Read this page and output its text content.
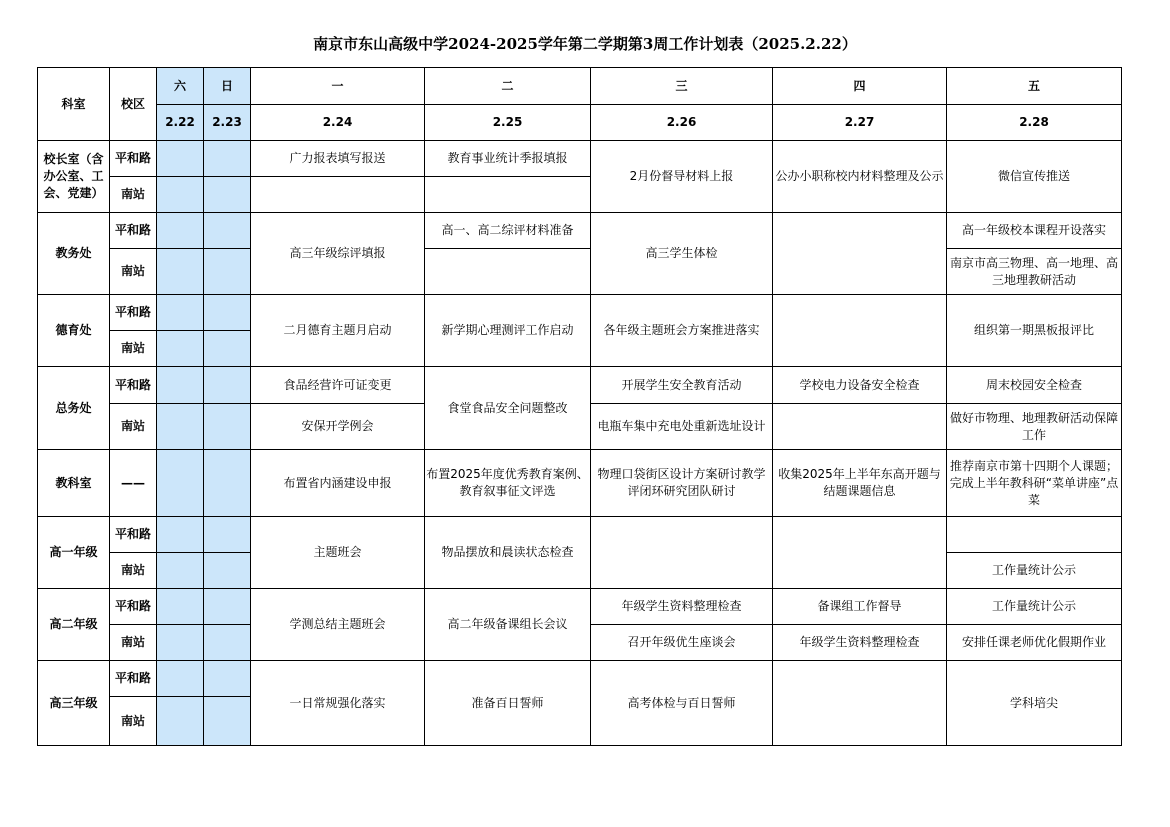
南京市东山高级中学2024-2025学年第二学期第3周工作计划表（2025.2.22）
科室	校区	六	日	一	二	三	四	五
		2.22	2.23	2.24	2.25	2.26	2.27	2.28
校长室（含办公室、工会、党建）	平和路			广力报表填写报送	教育事业统计季报填报	2月份督导材料上报	公办小职称校内材料整理及公示	微信宣传推送
	南站							
教务处	平和路			高三年级综评填报	高一、高二综评材料准备	高三学生体检		高一年级校本课程开设落实
	南站							南京市高三物理、高一地理、高三地理教研活动
德育处	平和路			二月德育主题月启动	新学期心理测评工作启动	各年级主题班会方案推进落实		组织第一期黑板报评比
	南站							
总务处	平和路			食品经营许可证变更	食堂食品安全问题整改	开展学生安全教育活动	学校电力设备安全检查	周末校园安全检查
	南站			安保开学例会		电瓶车集中充电处重新选址设计		做好市物理、地理教研活动保障工作
教科室	——			布置省内涵建设申报	布置2025年度优秀教育案例、教育叙事征文评选	物理口袋街区设计方案研讨教学评闭环研究团队研讨	收集2025年上半年东高开题与结题课题信息	推荐南京市第十四期个人课题；完成上半年教科研“菜单讲座”点菜
高一年级	平和路			主题班会	物品摆放和晨读状态检查			
	南站							工作量统计公示
高二年级	平和路			学测总结主题班会	高二年级备课组长会议	年级学生资料整理检查	备课组工作督导	工作量统计公示
	南站					召开年级优生座谈会	年级学生资料整理检查	安排任课老师优化假期作业
高三年级	平和路			一日常规强化落实	准备百日誓师	高考体检与百日誓师		学科培尖
	南站							
